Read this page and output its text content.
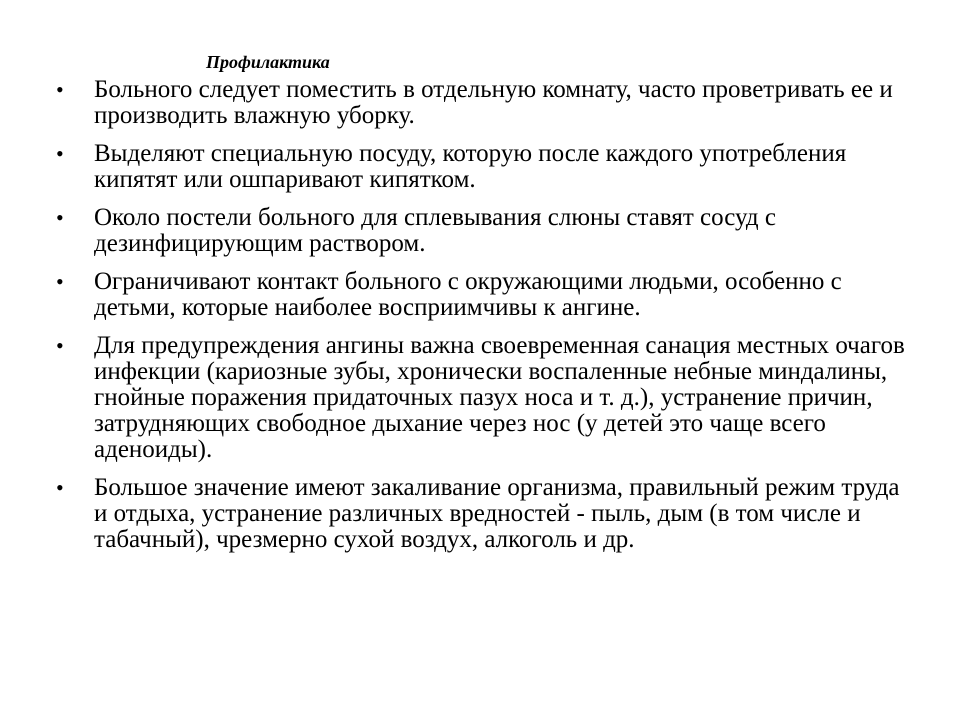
Профилактика
• Больного следует поместить в отдельную комнату, часто проветривать ее и производить влажную уборку.
• Выделяют специальную посуду, которую после каждого употребления кипятят или ошпаривают кипятком.
• Около постели больного для сплевывания слюны ставят сосуд с дезинфицирующим раствором.
• Ограничивают контакт больного с окружающими людьми, особенно с детьми, которые наиболее восприимчивы к ангине.
• Для предупреждения ангины важна своевременная санация местных очагов инфекции (кариозные зубы, хронически воспаленные небные миндалины, гнойные поражения придаточных пазух носа и т. д.), устранение причин, затрудняющих свободное дыхание через нос (у детей это чаще всего аденоиды).
• Большое значение имеют закаливание организма, правильный режим труда и отдыха, устранение различных вредностей - пыль, дым (в том числе и табачный), чрезмерно сухой воздух, алкоголь и др.
